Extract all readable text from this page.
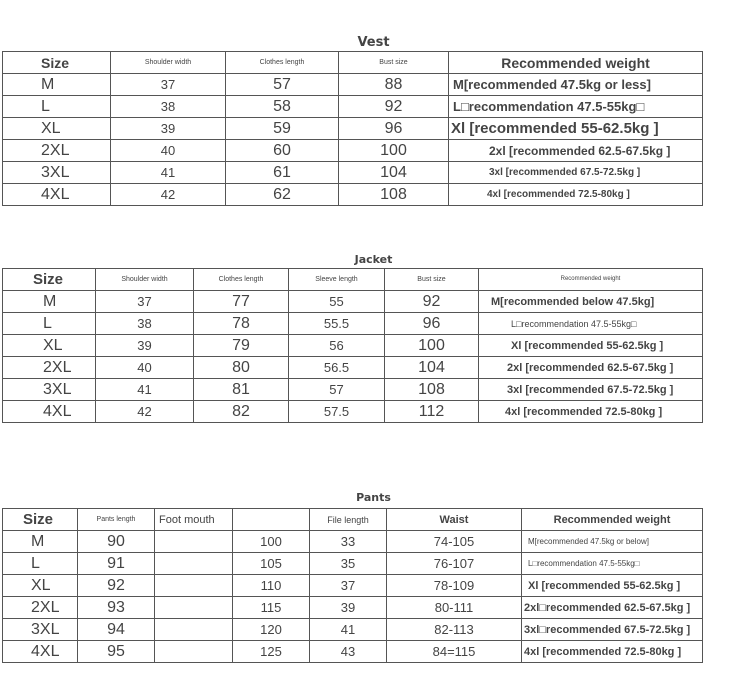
Vest
Size	Shoulder width	Clothes length	Bust size	Recommended weight
M	37	57	88	M[recommended 47.5kg or less]
L	38	58	92	L□recommendation 47.5-55kg□
XL	39	59	96	Xl [recommended 55-62.5kg ]
2XL	40	60	100	2xl [recommended 62.5-67.5kg ]
3XL	41	61	104	3xl [recommended 67.5-72.5kg ]
4XL	42	62	108	4xl [recommended 72.5-80kg ]
Jacket
Size	Shoulder width	Clothes length	Sleeve length	Bust size	Recommended weight
M	37	77	55	92	M[recommended below 47.5kg]
L	38	78	55.5	96	L□recommendation 47.5-55kg□
XL	39	79	56	100	Xl [recommended 55-62.5kg ]
2XL	40	80	56.5	104	2xl [recommended 62.5-67.5kg ]
3XL	41	81	57	108	3xl [recommended 67.5-72.5kg ]
4XL	42	82	57.5	112	4xl [recommended 72.5-80kg ]
Pants
Size	Pants length	Foot mouth		File length	Waist	Recommended weight
M	90		100	33	74-105	M[recommended 47.5kg or below]
L	91		105	35	76-107	L□recommendation 47.5-55kg□
XL	92		110	37	78-109	Xl [recommended 55-62.5kg ]
2XL	93		115	39	80-111	2xl□recommended 62.5-67.5kg ]
3XL	94		120	41	82-113	3xl□recommended 67.5-72.5kg ]
4XL	95		125	43	84=115	4xl [recommended 72.5-80kg ]
